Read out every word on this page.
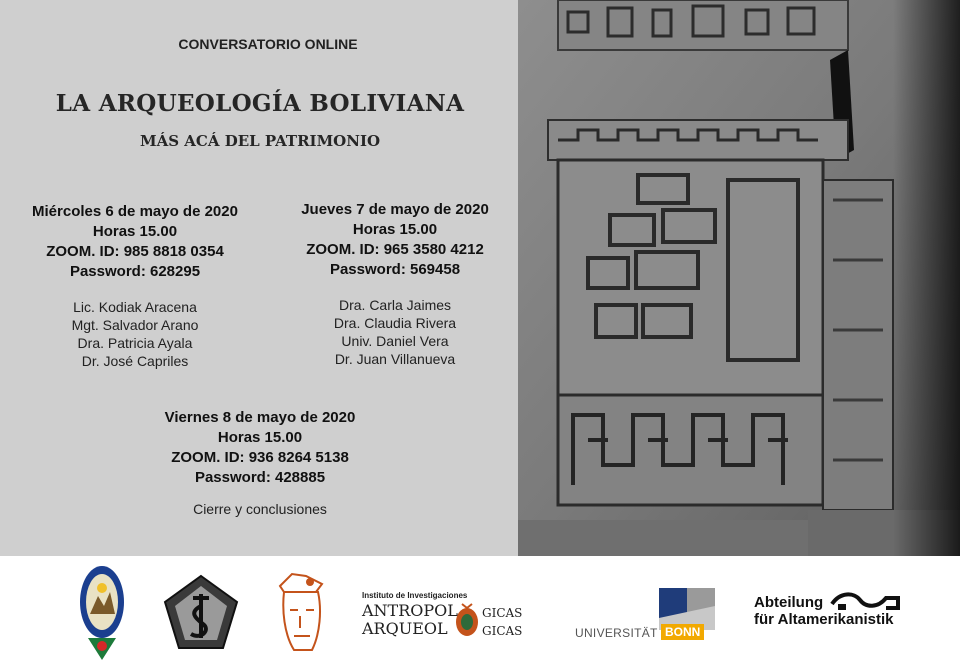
CONVERSATORIO ONLINE
LA ARQUEOLOGÍA BOLIVIANA
MÁS ACÁ DEL PATRIMONIO
Miércoles 6 de mayo de 2020
Horas 15.00
ZOOM. ID: 985 8818 0354
Password: 628295
Lic. Kodiak Aracena
Mgt. Salvador Arano
Dra. Patricia Ayala
Dr. José Capriles
Jueves 7 de mayo de 2020
Horas 15.00
ZOOM. ID: 965 3580 4212
Password: 569458
Dra. Carla Jaimes
Dra. Claudia Rivera
Univ. Daniel Vera
Dr. Juan Villanueva
Viernes 8 de mayo de 2020
Horas 15.00
ZOOM. ID: 936 8264 5138
Password: 428885
Cierre y conclusiones
Instituto de Investigaciones
ANTROPOL
ARQUEOL
GICAS
GICAS	UNIVERSITÄT BONN
Abteilung
für Altamerikanistik
